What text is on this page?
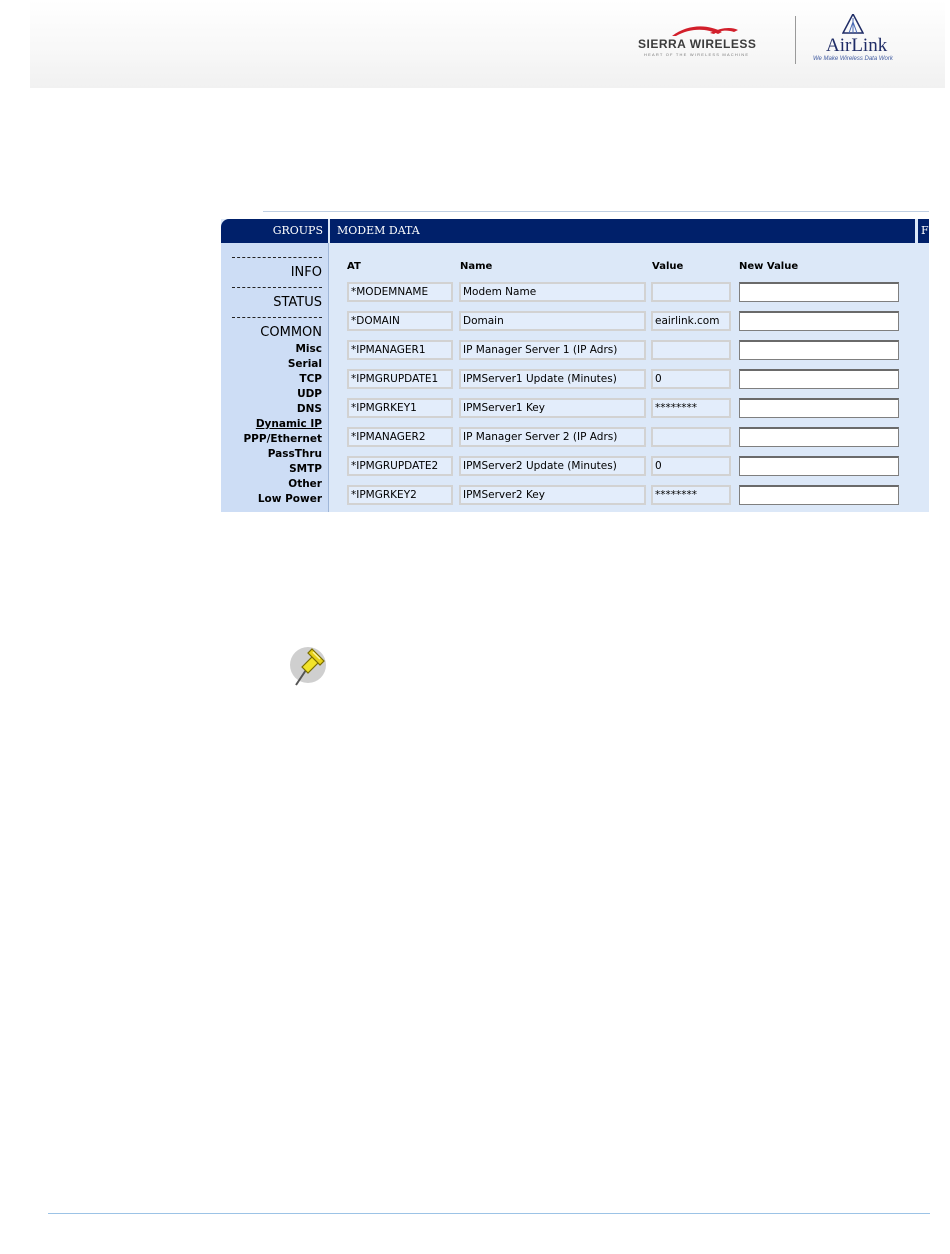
SIERRA WIRELESS
HEART OF THE WIRELESS MACHINE	AirLink
We Make Wireless Data Work
GROUPS MODEM DATA	F
INFO
STATUS
COMMON
Misc
Serial
TCP
UDP
DNS
Dynamic IP
PPP/Ethernet
PassThru
SMTP
Other
Low Power
AT	Name	Value	New Value
*MODEMNAME	Modem Name
*DOMAIN	Domain	eairlink.com
*IPMANAGER1	IP Manager Server 1 (IP Adrs)
*IPMGRUPDATE1	IPMServer1 Update (Minutes)	0
*IPMGRKEY1	IPMServer1 Key	********
*IPMANAGER2	IP Manager Server 2 (IP Adrs)
*IPMGRUPDATE2	IPMServer2 Update (Minutes)	0
*IPMGRKEY2	IPMServer2 Key	********
